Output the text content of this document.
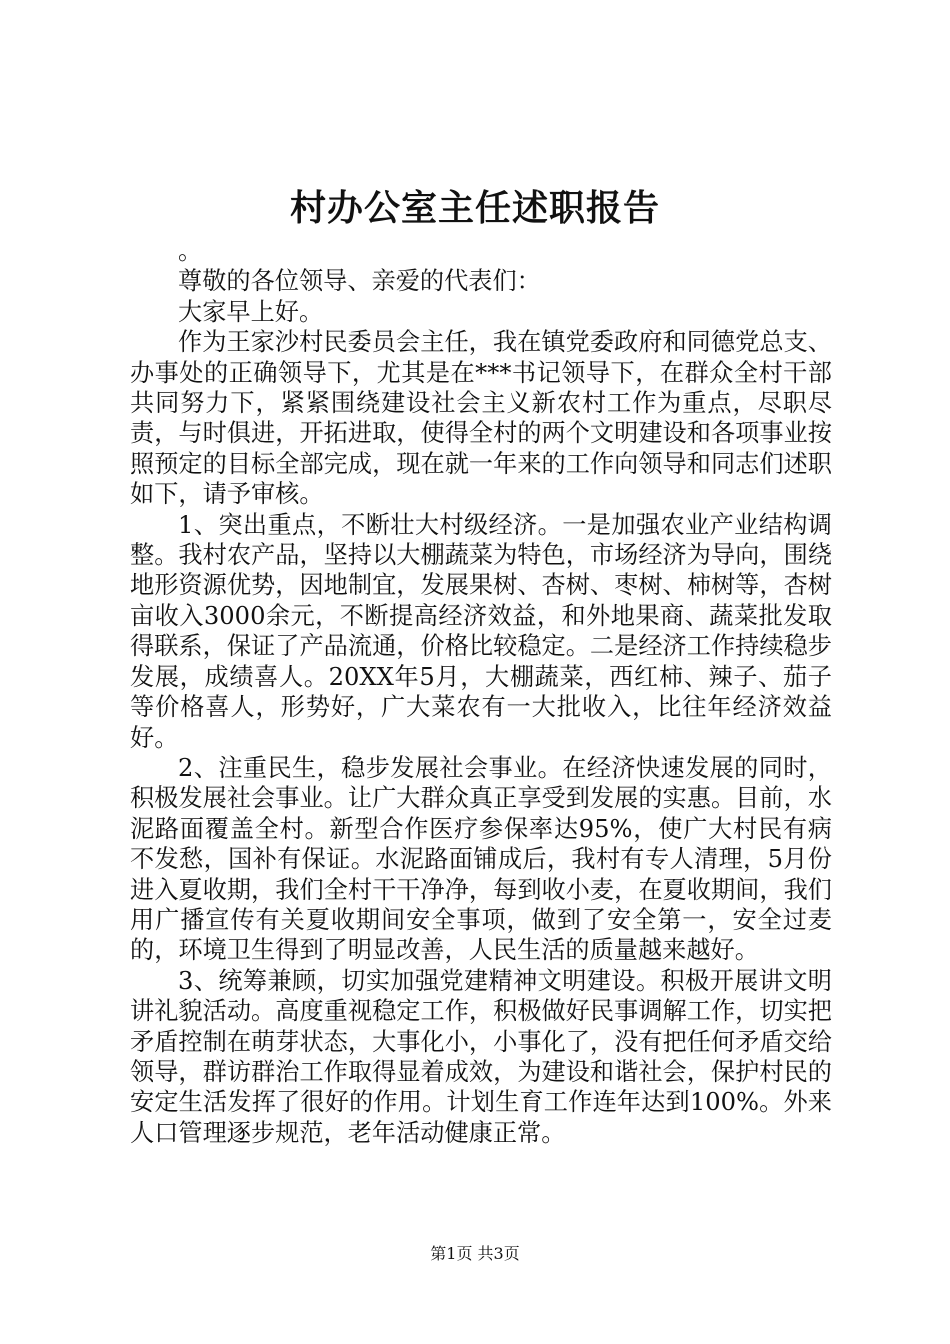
村办公室主任述职报告

。

尊敬的各位领导、亲爱的代表们：

大家早上好。

作为王家沙村民委员会主任，我在镇党委政府和同德党总支、办事处的正确领导下，尤其是在***书记领导下，在群众全村干部共同努力下，紧紧围绕建设社会主义新农村工作为重点，尽职尽责，与时俱进，开拓进取，使得全村的两个文明建设和各项事业按照预定的目标全部完成，现在就一年来的工作向领导和同志们述职如下，请予审核。

1、突出重点，不断壮大村级经济。一是加强农业产业结构调整。我村农产品，坚持以大棚蔬菜为特色，市场经济为导向，围绕地形资源优势，因地制宜，发展果树、杏树、枣树、柿树等，杏树亩收入3000余元，不断提高经济效益，和外地果商、蔬菜批发取得联系，保证了产品流通，价格比较稳定。二是经济工作持续稳步发展，成绩喜人。20XX年5月，大棚蔬菜，西红柿、辣子、茄子等价格喜人，形势好，广大菜农有一大批收入，比往年经济效益好。

2、注重民生，稳步发展社会事业。在经济快速发展的同时，积极发展社会事业。让广大群众真正享受到发展的实惠。目前，水泥路面覆盖全村。新型合作医疗参保率达95%，使广大村民有病不发愁，国补有保证。水泥路面铺成后，我村有专人清理，5月份进入夏收期，我们全村干干净净，每到收小麦，在夏收期间，我们用广播宣传有关夏收期间安全事项，做到了安全第一，安全过麦的，环境卫生得到了明显改善，人民生活的质量越来越好。

3、统筹兼顾，切实加强党建精神文明建设。积极开展讲文明讲礼貌活动。高度重视稳定工作，积极做好民事调解工作，切实把矛盾控制在萌芽状态，大事化小，小事化了，没有把任何矛盾交给领导，群访群治工作取得显着成效，为建设和谐社会，保护村民的安定生活发挥了很好的作用。计划生育工作连年达到100%。外来人口管理逐步规范，老年活动健康正常。

第1页 共3页
